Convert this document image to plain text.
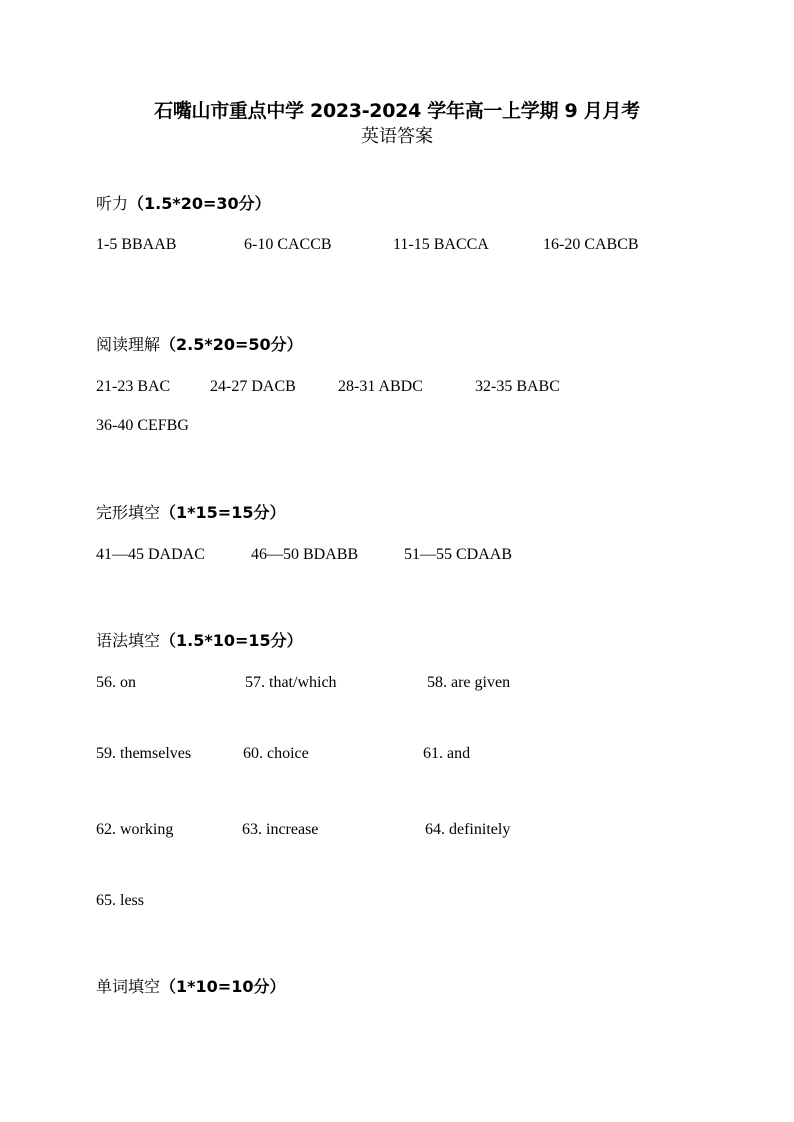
石嘴山市重点中学 2023-2024 学年高一上学期 9 月月考
英语答案
听力（1.5*20=30分）
1-5 BBAAB	6-10 CACCB	11-15 BACCA	16-20 CABCB
阅读理解（2.5*20=50分）
21-23 BAC 24-27 DACB	28-31 ABDC	32-35 BABC
36-40 CEFBG
完形填空（1*15=15分）
41—45 DADAC	46—50 BDABB	51—55 CDAAB
语法填空（1.5*10=15分）
56. on	57. that/which	58. are given
59. themselves	60. choice	61. and
62. working	63. increase	64. definitely
65. less
单词填空（1*10=10分）
